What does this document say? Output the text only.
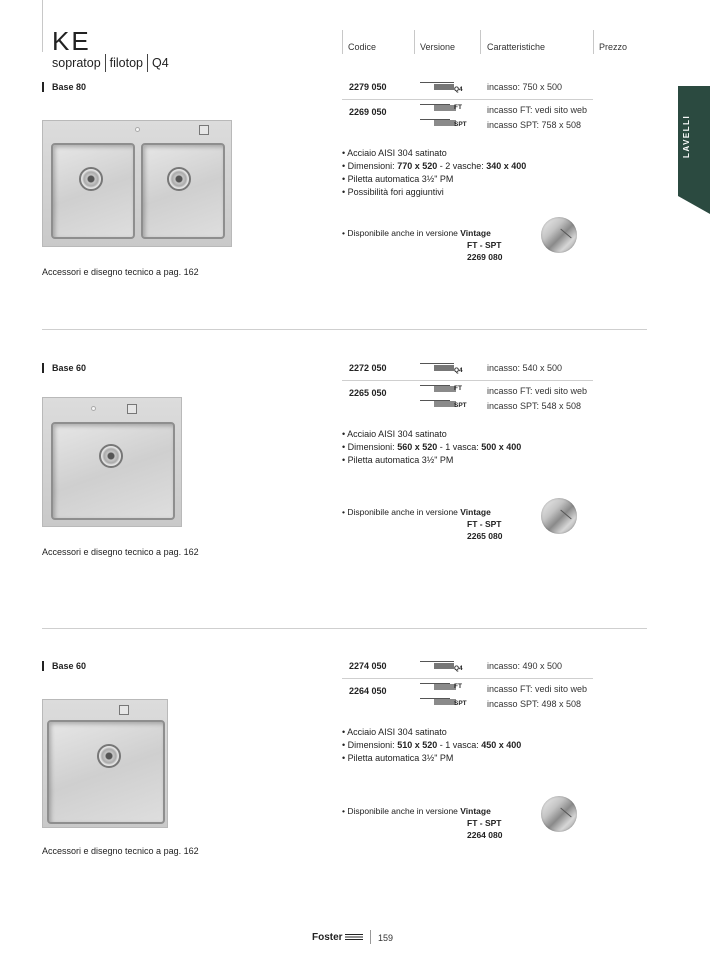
KE
sopratop filotop Q4
Codice	Versione	Caratteristiche	Prezzo
LAVELLI
Base 80	2279 050	Q4	incasso: 750 x 500
2269 050	FT	incasso FT: vedi sito web
SPT incasso SPT: 758 x 508
• Acciaio AISI 304 satinato
• Dimensioni: 770 x 520 - 2 vasche: 340 x 400
• Piletta automatica 3½" PM
• Possibilità fori aggiuntivi
• Disponibile anche in versione Vintage
FT - SPT
2269 080
Accessori e disegno tecnico a pag. 162
Base 60	2272 050	Q4	incasso: 540 x 500
2265 050	FT	incasso FT: vedi sito web
SPT incasso SPT: 548 x 508
• Acciaio AISI 304 satinato
• Dimensioni: 560 x 520 - 1 vasca: 500 x 400
• Piletta automatica 3½" PM
• Disponibile anche in versione Vintage
FT - SPT
2265 080
Accessori e disegno tecnico a pag. 162
Base 60	2274 050	Q4	incasso: 490 x 500
2264 050	FT	incasso FT: vedi sito web
SPT incasso SPT: 498 x 508
• Acciaio AISI 304 satinato
• Dimensioni: 510 x 520 - 1 vasca: 450 x 400
• Piletta automatica 3½" PM
• Disponibile anche in versione Vintage
FT - SPT
2264 080
Accessori e disegno tecnico a pag. 162
Foster	159
